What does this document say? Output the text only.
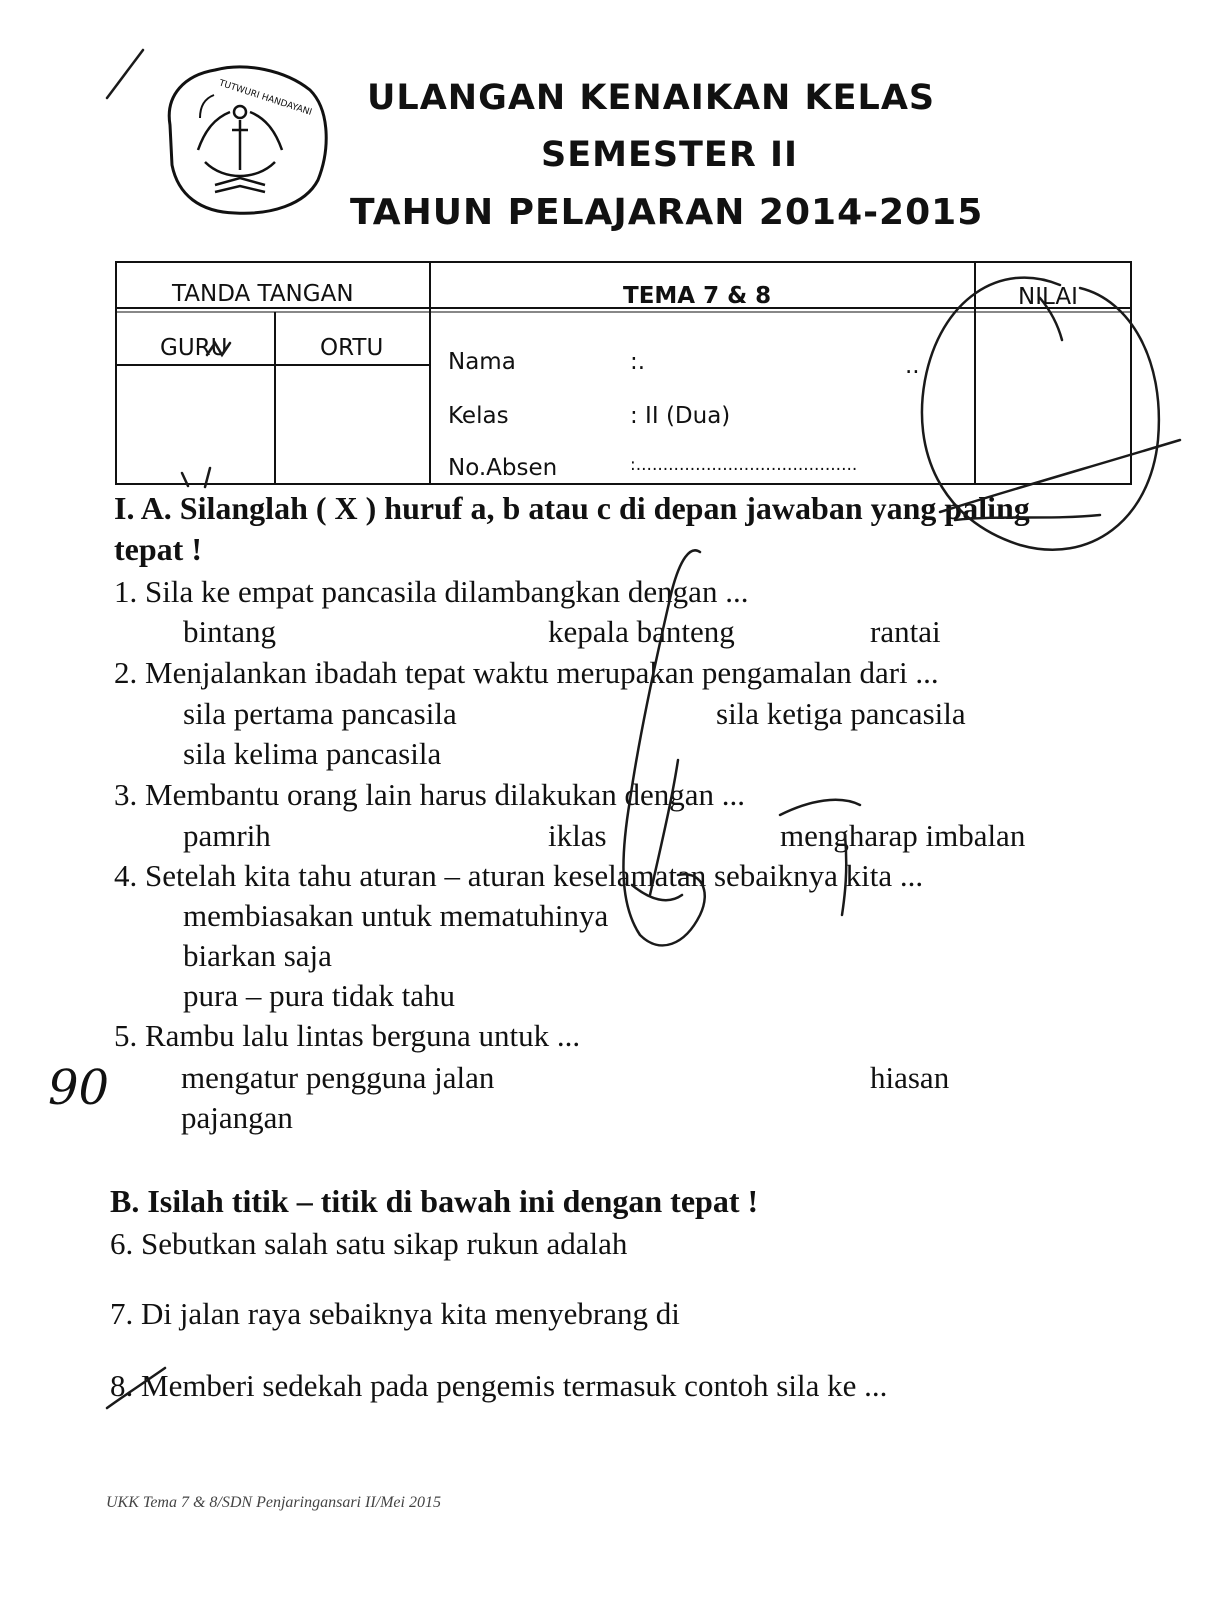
TUTWURI HANDAYANI ULANGAN KENAIKAN KELAS
SEMESTER II
TAHUN PELAJARAN 2014-2015
TANDA TANGAN	TEMA 7 & 8	NILAI
GURU	ORTU
Nama	:.	..
Kelas	: II (Dua)
No.Absen	:.........................................
I. A. Silanglah ( X ) huruf a, b atau c di depan jawaban yang paling
tepat !
1. Sila ke empat pancasila dilambangkan dengan ...
bintang	kepala banteng	rantai
2. Menjalankan ibadah tepat waktu merupakan pengamalan dari ...
sila pertama pancasila	sila ketiga pancasila
sila kelima pancasila
3. Membantu orang lain harus dilakukan dengan ...
pamrih	iklas	mengharap imbalan
4. Setelah kita tahu aturan – aturan keselamatan sebaiknya kita ...
membiasakan untuk mematuhinya
biarkan saja
pura – pura tidak tahu
5. Rambu lalu lintas berguna untuk ...
mengatur pengguna jalan	hiasan
pajangan
B. Isilah titik – titik di bawah ini dengan tepat !
6. Sebutkan salah satu sikap rukun adalah
7. Di jalan raya sebaiknya kita menyebrang di
8. Memberi sedekah pada pengemis termasuk contoh sila ke ...
UKK Tema 7 & 8/SDN Penjaringansari II/Mei 2015
90
